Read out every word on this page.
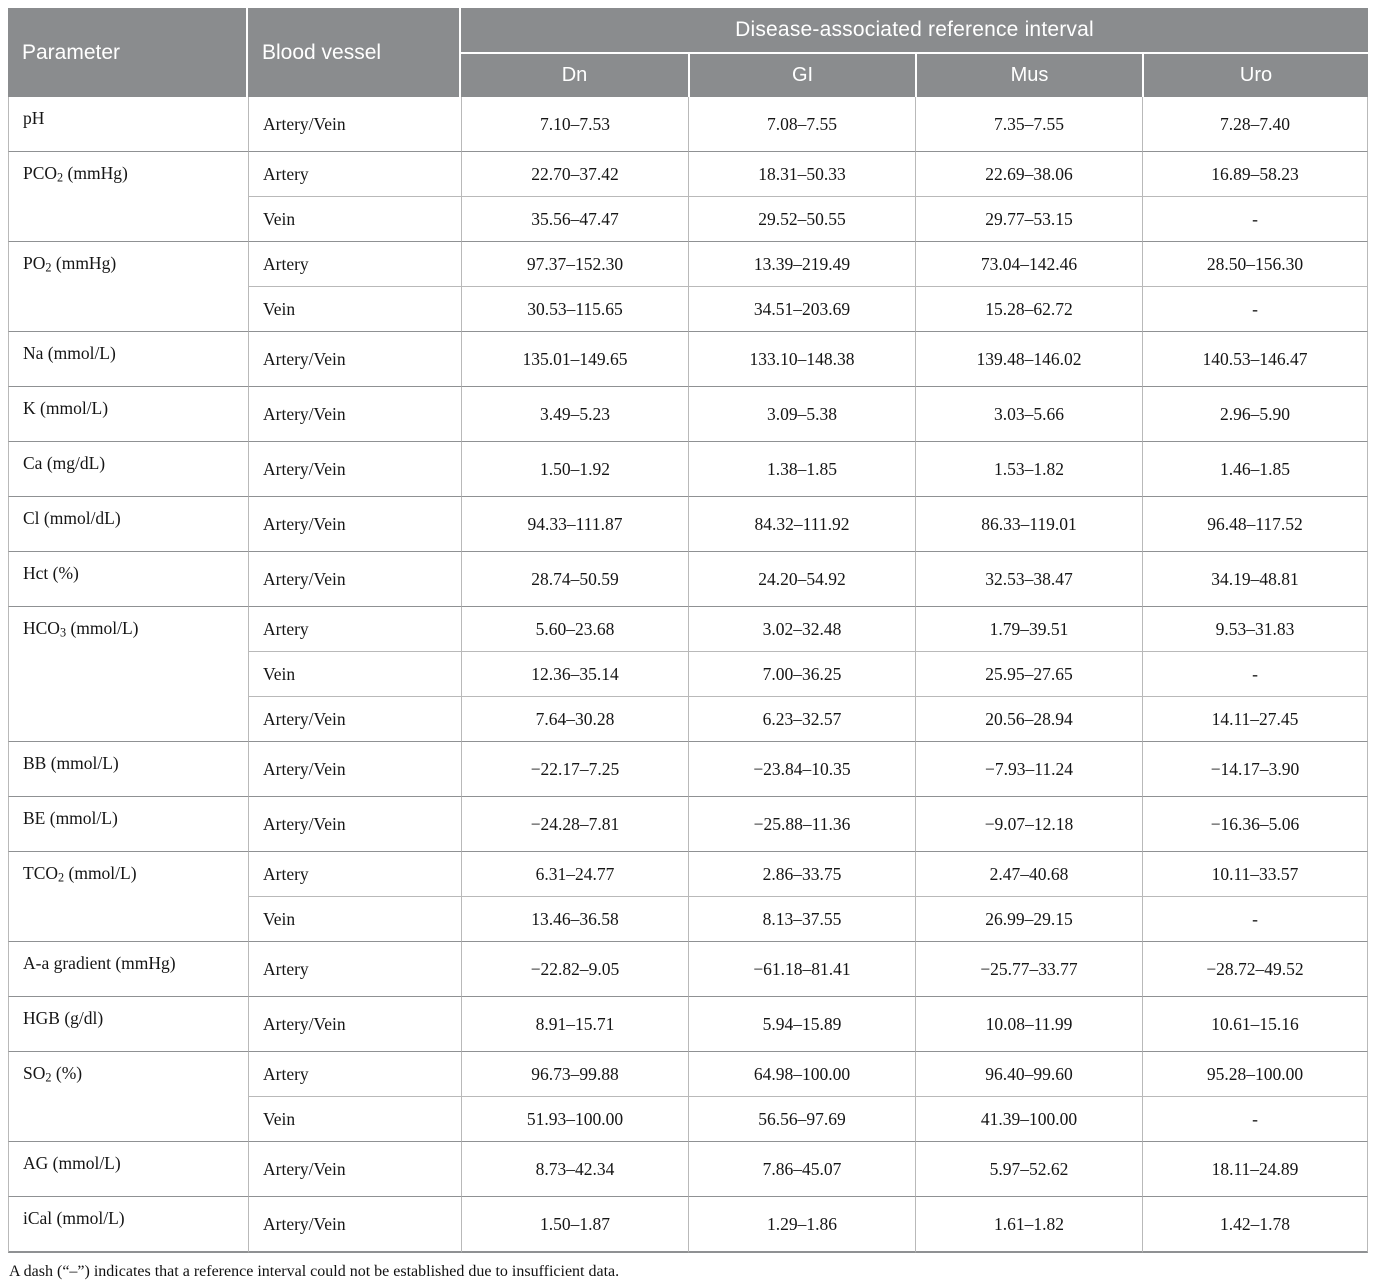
Parameter	Blood vessel	Disease-associated reference interval			
		Dn	GI	Mus	Uro
pH	Artery/Vein	7.10–7.53	7.08–7.55	7.35–7.55	7.28–7.40
PCO2 (mmHg)	Artery	22.70–37.42	18.31–50.33	22.69–38.06	16.89–58.23
	Vein	35.56–47.47	29.52–50.55	29.77–53.15	-
PO2 (mmHg)	Artery	97.37–152.30	13.39–219.49	73.04–142.46	28.50–156.30
	Vein	30.53–115.65	34.51–203.69	15.28–62.72	-
Na (mmol/L)	Artery/Vein	135.01–149.65	133.10–148.38	139.48–146.02	140.53–146.47
K (mmol/L)	Artery/Vein	3.49–5.23	3.09–5.38	3.03–5.66	2.96–5.90
Ca (mg/dL)	Artery/Vein	1.50–1.92	1.38–1.85	1.53–1.82	1.46–1.85
Cl (mmol/dL)	Artery/Vein	94.33–111.87	84.32–111.92	86.33–119.01	96.48–117.52
Hct (%)	Artery/Vein	28.74–50.59	24.20–54.92	32.53–38.47	34.19–48.81
HCO3 (mmol/L)	Artery	5.60–23.68	3.02–32.48	1.79–39.51	9.53–31.83
	Vein	12.36–35.14	7.00–36.25	25.95–27.65	-
	Artery/Vein	7.64–30.28	6.23–32.57	20.56–28.94	14.11–27.45
BB (mmol/L)	Artery/Vein	−22.17–7.25	−23.84–10.35	−7.93–11.24	−14.17–3.90
BE (mmol/L)	Artery/Vein	−24.28–7.81	−25.88–11.36	−9.07–12.18	−16.36–5.06
TCO2 (mmol/L)	Artery	6.31–24.77	2.86–33.75	2.47–40.68	10.11–33.57
	Vein	13.46–36.58	8.13–37.55	26.99–29.15	-
A-a gradient (mmHg)	Artery	−22.82–9.05	−61.18–81.41	−25.77–33.77	−28.72–49.52
HGB (g/dl)	Artery/Vein	8.91–15.71	5.94–15.89	10.08–11.99	10.61–15.16
SO2 (%)	Artery	96.73–99.88	64.98–100.00	96.40–99.60	95.28–100.00
	Vein	51.93–100.00	56.56–97.69	41.39–100.00	-
AG (mmol/L)	Artery/Vein	8.73–42.34	7.86–45.07	5.97–52.62	18.11–24.89
iCal (mmol/L)	Artery/Vein	1.50–1.87	1.29–1.86	1.61–1.82	1.42–1.78

A dash (“–”) indicates that a reference interval could not be established due to insufficient data.
